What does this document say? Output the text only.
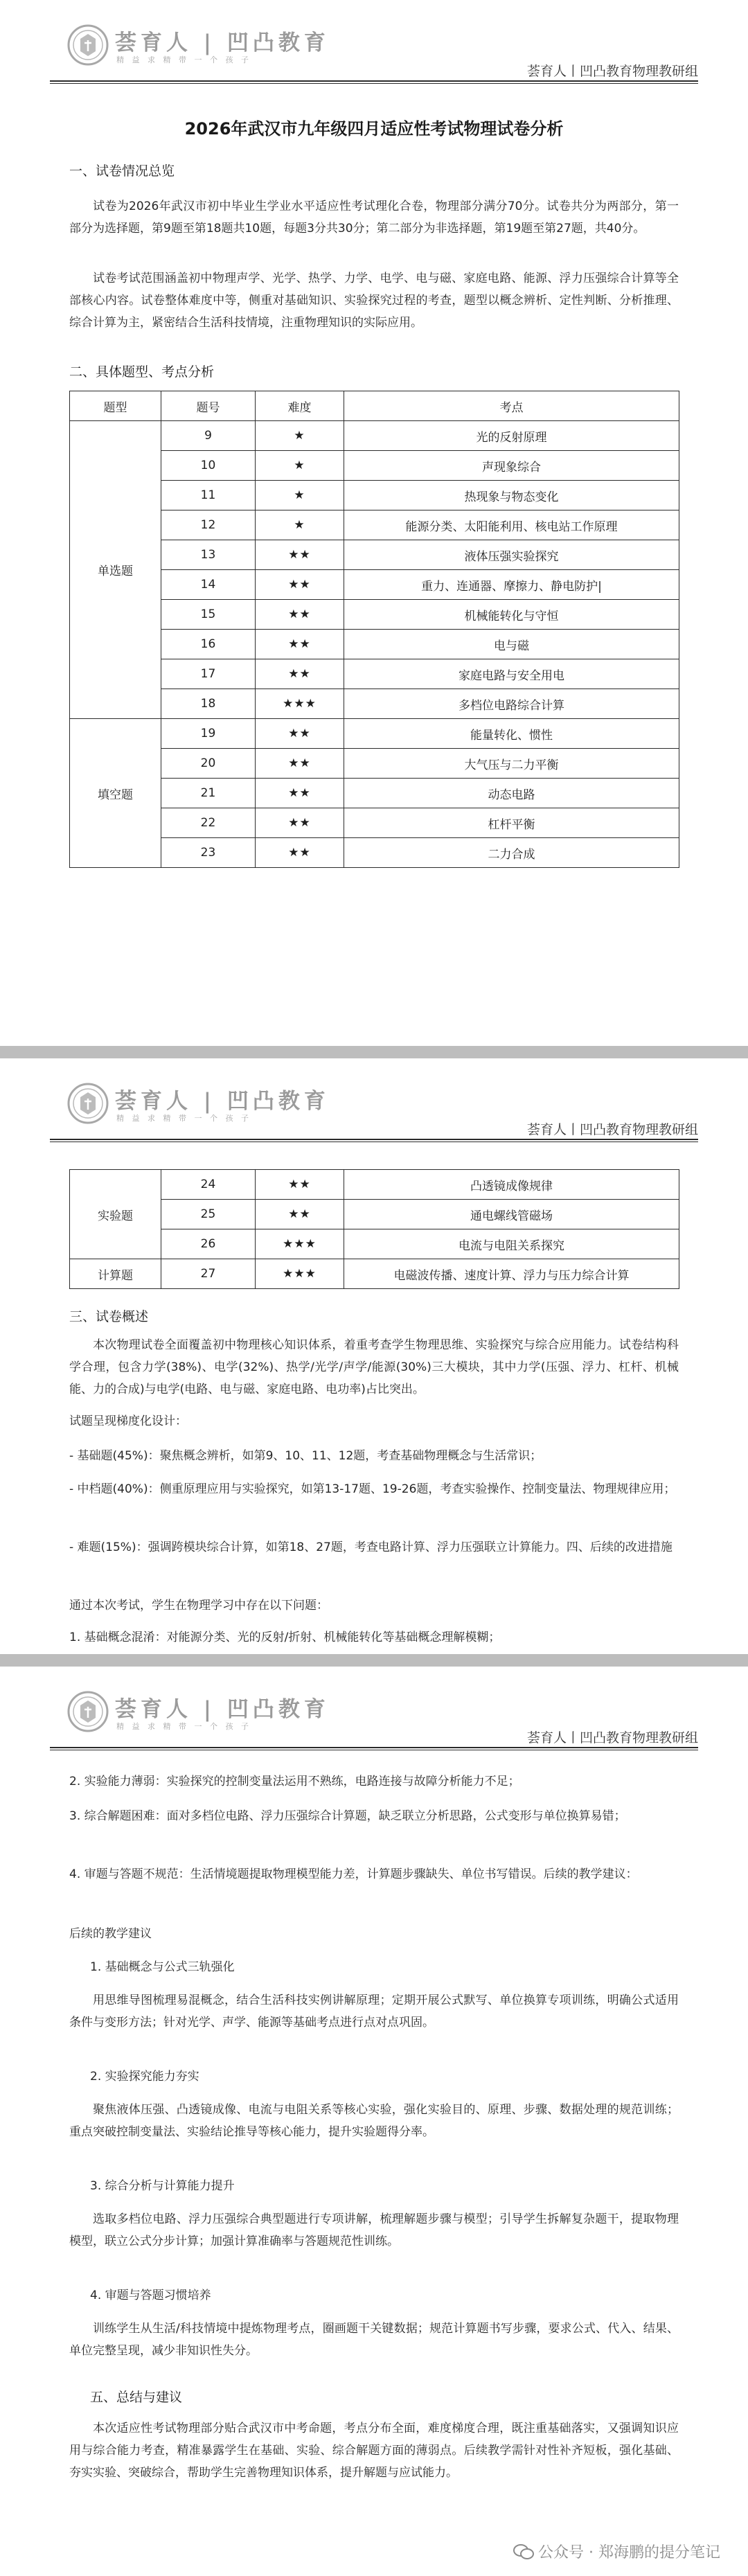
荟育人 | 凹凸教育
精 益 求 精 带 一 个 孩 子
荟育人丨凹凸教育物理教研组
2026年武汉市九年级四月适应性考试物理试卷分析
一、试卷情况总览
试卷为2026年武汉市初中毕业生学业水平适应性考试理化合卷，物理部分满分70分。试卷共分为两部分，第一部分为选择题，第9题至第18题共10题，每题3分共30分；第二部分为非选择题，第19题至第27题，共40分。
试卷考试范围涵盖初中物理声学、光学、热学、力学、电学、电与磁、家庭电路、能源、浮力压强综合计算等全部核心内容。试卷整体难度中等，侧重对基础知识、实验探究过程的考查，题型以概念辨析、定性判断、分析推理、综合计算为主，紧密结合生活科技情境，注重物理知识的实际应用。
二、具体题型、考点分析
题型	题号	难度	考点
单选题	9	★	光的反射原理
	10	★	声现象综合
	11	★	热现象与物态变化
	12	★	能源分类、太阳能利用、核电站工作原理
	13	★★	液体压强实验探究
	14	★★	重力、连通器、摩擦力、静电防护|
	15	★★	机械能转化与守恒
	16	★★	电与磁
	17	★★	家庭电路与安全用电
	18	★★★	多档位电路综合计算
填空题	19	★★	能量转化、惯性
	20	★★	大气压与二力平衡
	21	★★	动态电路
	22	★★	杠杆平衡
	23	★★	二力合成
荟育人 | 凹凸教育
精 益 求 精 带 一 个 孩 子
荟育人丨凹凸教育物理教研组
实验题	24	★★	凸透镜成像规律
	25	★★	通电螺线管磁场
	26	★★★	电流与电阻关系探究
计算题	27	★★★	电磁波传播、速度计算、浮力与压力综合计算
三、试卷概述
本次物理试卷全面覆盖初中物理核心知识体系，着重考查学生物理思维、实验探究与综合应用能力。试卷结构科学合理，包含力学(38%)、电学(32%)、热学/光学/声学/能源(30%)三大模块，其中力学(压强、浮力、杠杆、机械能、力的合成)与电学(电路、电与磁、家庭电路、电功率)占比突出。
试题呈现梯度化设计：
- 基础题(45%)：聚焦概念辨析，如第9、10、11、12题，考查基础物理概念与生活常识；
- 中档题(40%)：侧重原理应用与实验探究，如第13-17题、19-26题，考查实验操作、控制变量法、物理规律应用；
- 难题(15%)：强调跨模块综合计算，如第18、27题，考查电路计算、浮力压强联立计算能力。四、后续的改进措施
通过本次考试，学生在物理学习中存在以下问题：
1. 基础概念混淆：对能源分类、光的反射/折射、机械能转化等基础概念理解模糊；
荟育人 | 凹凸教育
精 益 求 精 带 一 个 孩 子
荟育人丨凹凸教育物理教研组
2. 实验能力薄弱：实验探究的控制变量法运用不熟练，电路连接与故障分析能力不足；
3. 综合解题困难：面对多档位电路、浮力压强综合计算题，缺乏联立分析思路，公式变形与单位换算易错；
4. 审题与答题不规范：生活情境题提取物理模型能力差，计算题步骤缺失、单位书写错误。后续的教学建议：
后续的教学建议
1. 基础概念与公式三轨强化
用思维导图梳理易混概念，结合生活科技实例讲解原理；定期开展公式默写、单位换算专项训练，明确公式适用条件与变形方法；针对光学、声学、能源等基础考点进行点对点巩固。
2. 实验探究能力夯实
聚焦液体压强、凸透镜成像、电流与电阻关系等核心实验，强化实验目的、原理、步骤、数据处理的规范训练；重点突破控制变量法、实验结论推导等核心能力，提升实验题得分率。
3. 综合分析与计算能力提升
选取多档位电路、浮力压强综合典型题进行专项讲解，梳理解题步骤与模型；引导学生拆解复杂题干，提取物理模型，联立公式分步计算；加强计算准确率与答题规范性训练。
4. 审题与答题习惯培养
训练学生从生活/科技情境中提炼物理考点，圈画题干关键数据；规范计算题书写步骤，要求公式、代入、结果、单位完整呈现，减少非知识性失分。
五、总结与建议
本次适应性考试物理部分贴合武汉市中考命题，考点分布全面，难度梯度合理，既注重基础落实，又强调知识应用与综合能力考查，精准暴露学生在基础、实验、综合解题方面的薄弱点。后续教学需针对性补齐短板，强化基础、夯实实验、突破综合，帮助学生完善物理知识体系，提升解题与应试能力。
公众号 · 郑海鹏的提分笔记
